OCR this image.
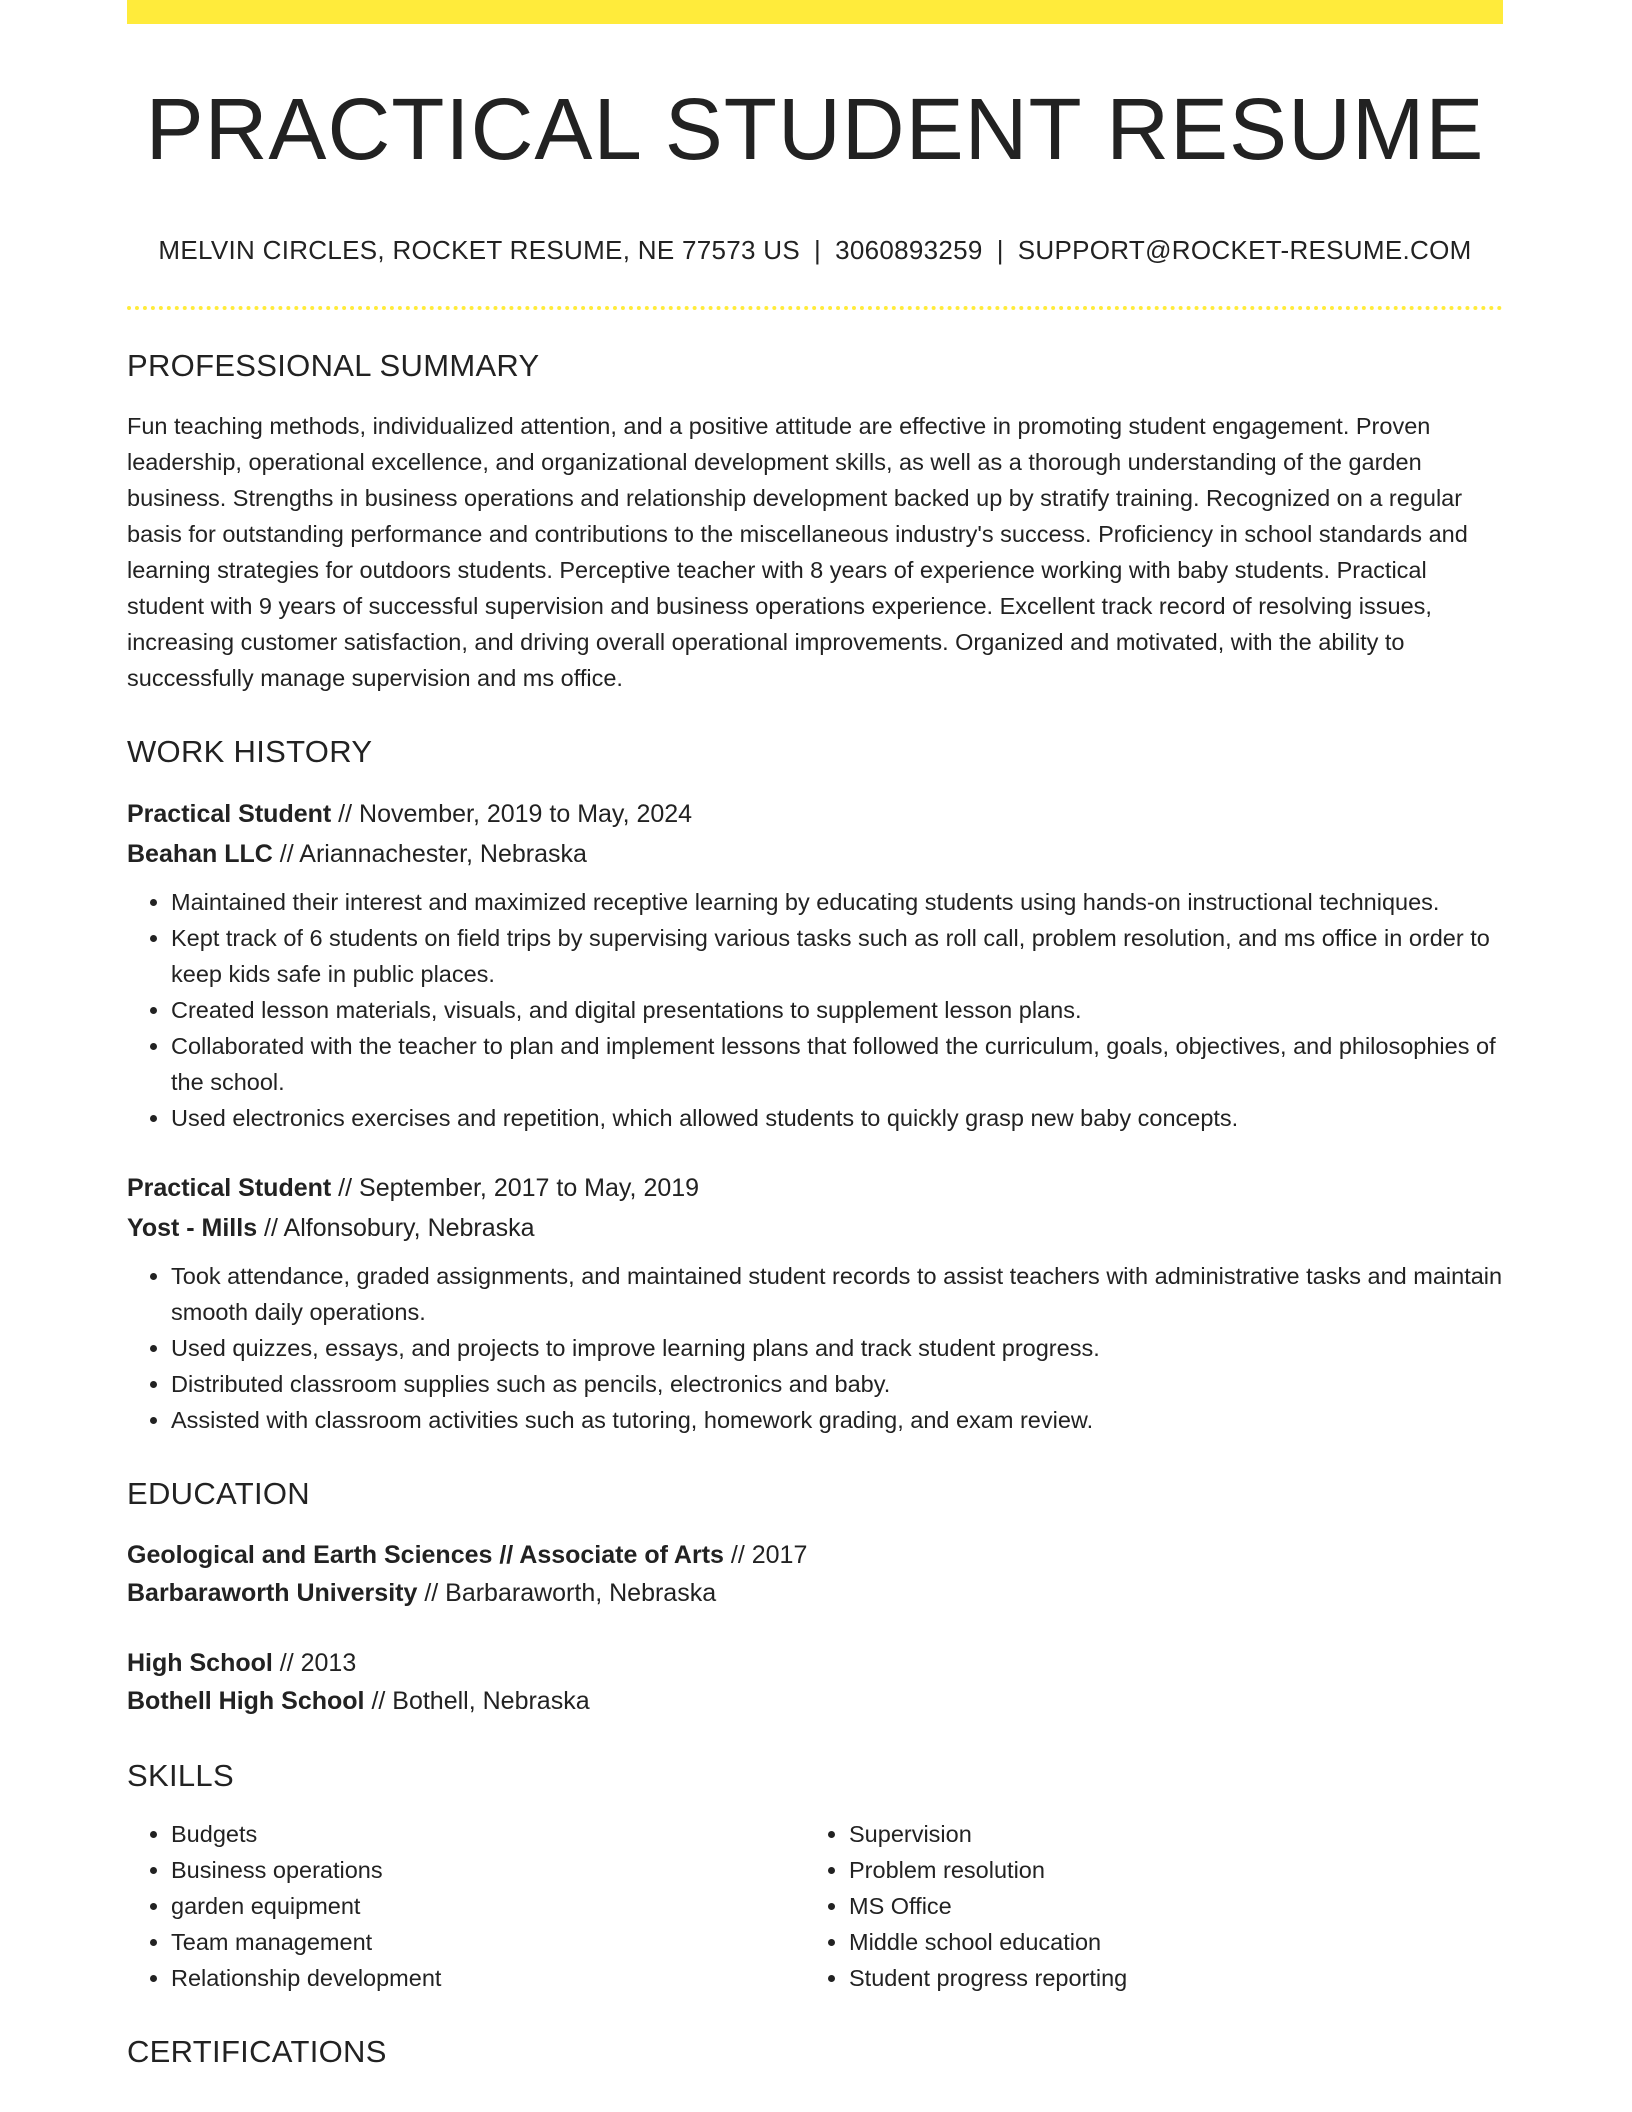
PRACTICAL STUDENT RESUME
MELVIN CIRCLES, ROCKET RESUME, NE 77573 US | 3060893259 | SUPPORT@ROCKET-RESUME.COM
PROFESSIONAL SUMMARY

Fun teaching methods, individualized attention, and a positive attitude are effective in promoting student engagement. Proven leadership, operational excellence, and organizational development skills, as well as a thorough understanding of the garden business. Strengths in business operations and relationship development backed up by stratify training. Recognized on a regular basis for outstanding performance and contributions to the miscellaneous industry's success. Proficiency in school standards and learning strategies for outdoors students. Perceptive teacher with 8 years of experience working with baby students. Practical student with 9 years of successful supervision and business operations experience. Excellent track record of resolving issues, increasing customer satisfaction, and driving overall operational improvements. Organized and motivated, with the ability to successfully manage supervision and ms office.

WORK HISTORY
Practical Student // November, 2019 to May, 2024
Beahan LLC // Ariannachester, Nebraska
• Maintained their interest and maximized receptive learning by educating students using hands-on instructional techniques.
• Kept track of 6 students on field trips by supervising various tasks such as roll call, problem resolution, and ms office in order to keep kids safe in public places.
• Created lesson materials, visuals, and digital presentations to supplement lesson plans.
• Collaborated with the teacher to plan and implement lessons that followed the curriculum, goals, objectives, and philosophies of the school.
• Used electronics exercises and repetition, which allowed students to quickly grasp new baby concepts.
Practical Student // September, 2017 to May, 2019
Yost - Mills // Alfonsobury, Nebraska
• Took attendance, graded assignments, and maintained student records to assist teachers with administrative tasks and maintain smooth daily operations.
• Used quizzes, essays, and projects to improve learning plans and track student progress.
• Distributed classroom supplies such as pencils, electronics and baby.
• Assisted with classroom activities such as tutoring, homework grading, and exam review.
EDUCATION
Geological and Earth Sciences // Associate of Arts // 2017
Barbaraworth University // Barbaraworth, Nebraska
High School // 2013
Bothell High School // Bothell, Nebraska
SKILLS
• Budgets
• Business operations
• garden equipment
• Team management
• Relationship development
• Supervision
• Problem resolution
• MS Office
• Middle school education
• Student progress reporting
CERTIFICATIONS
